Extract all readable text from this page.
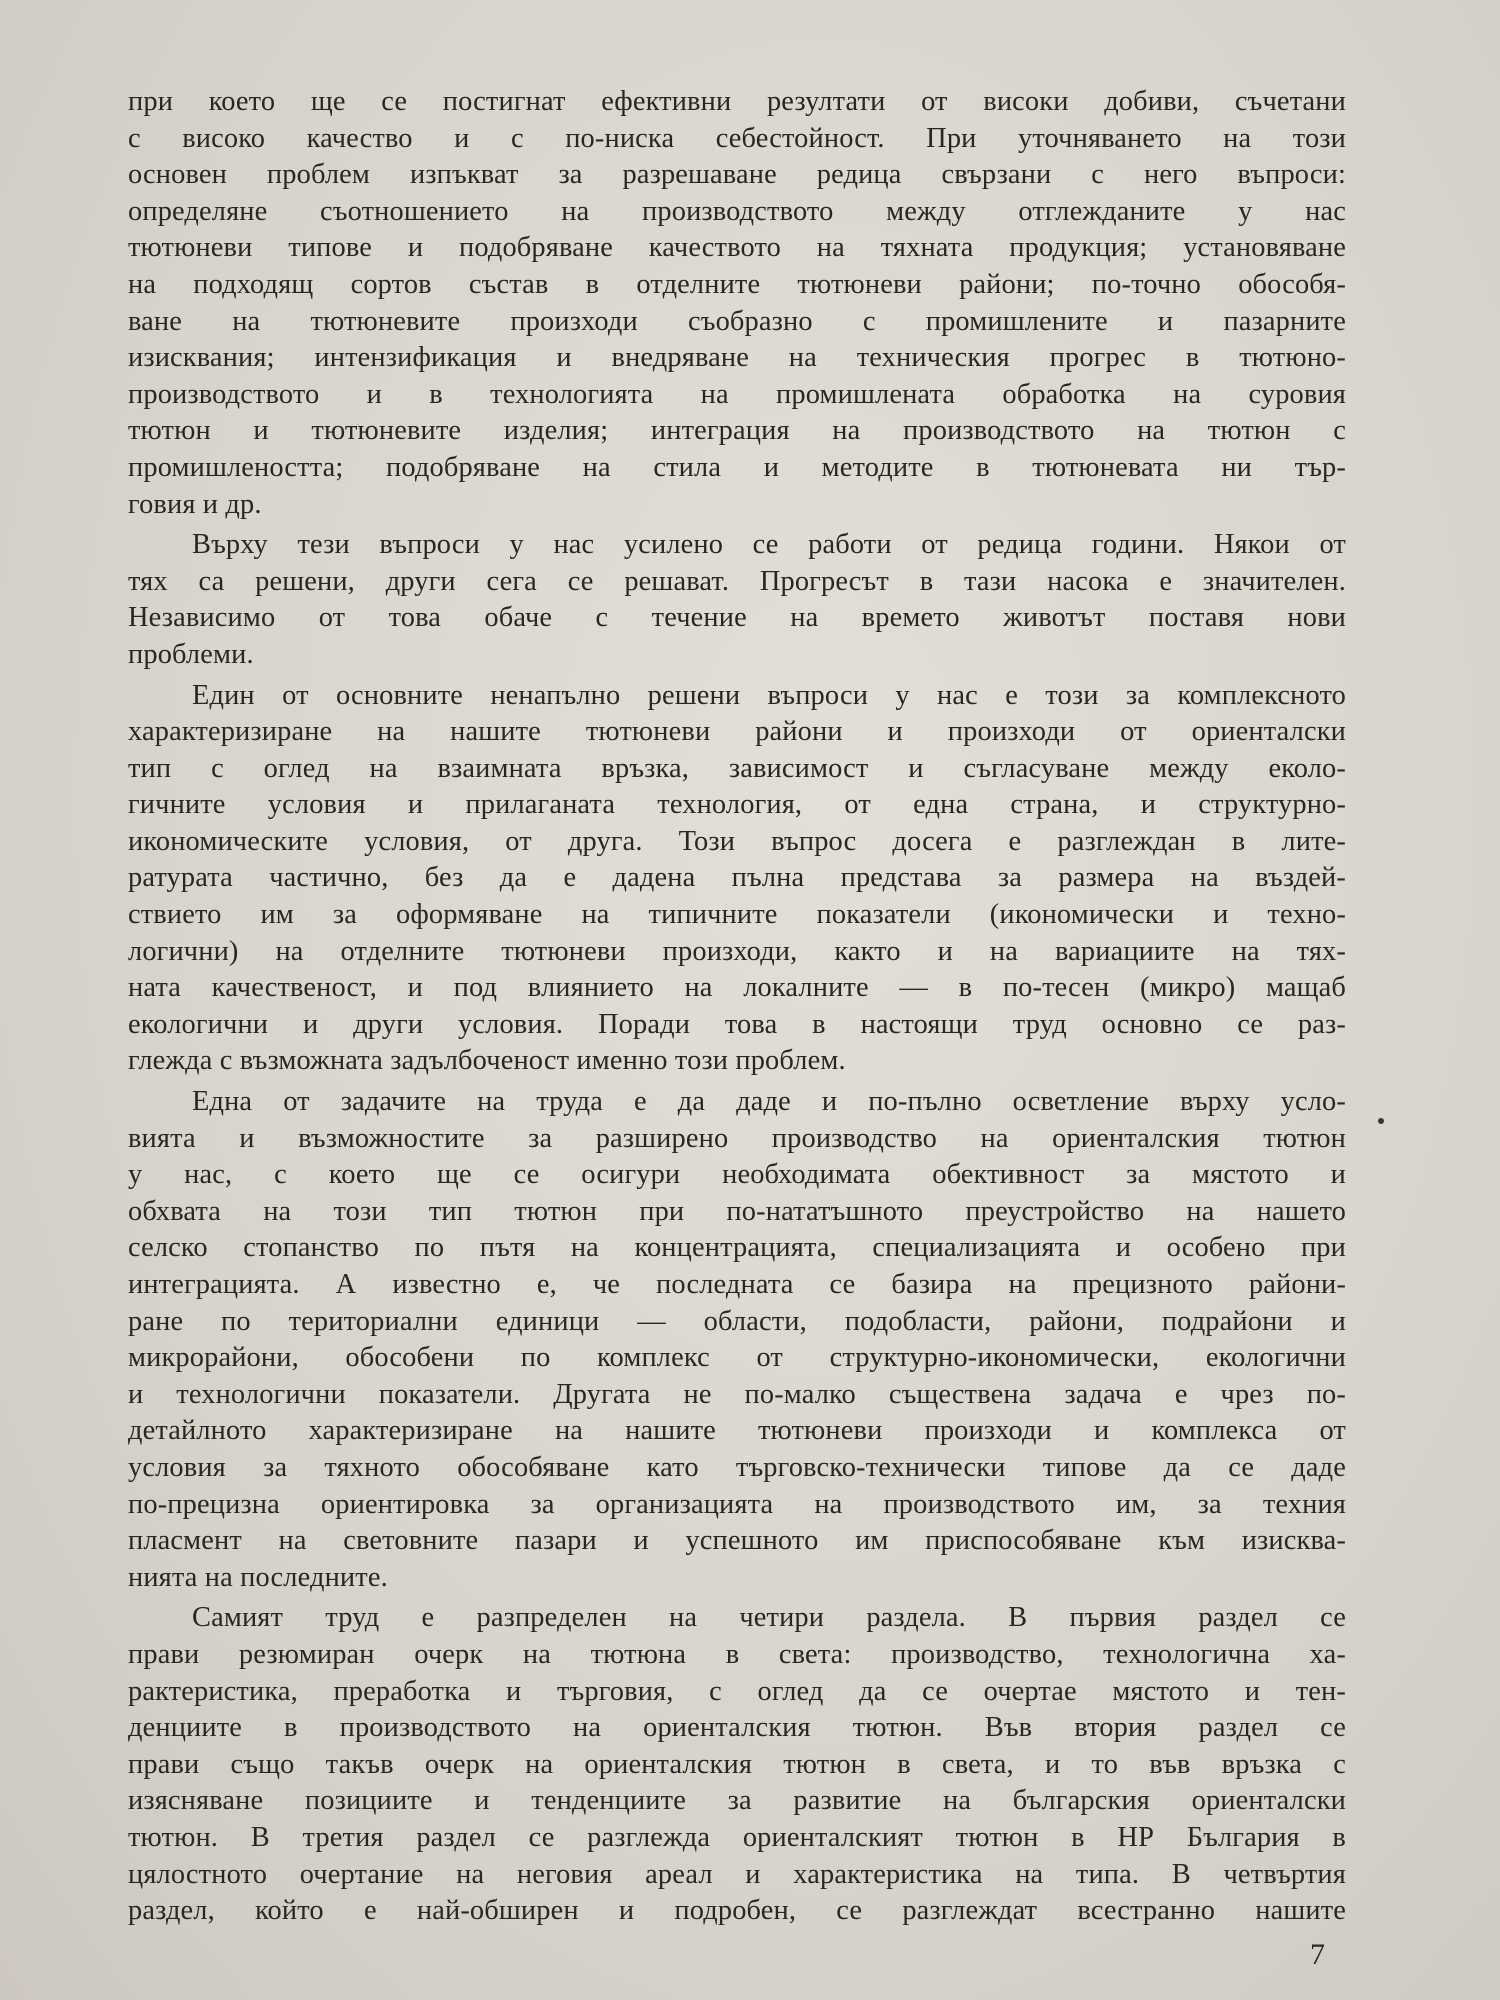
при което ще се постигнат ефективни резултати от високи добиви, съчетани
с високо качество и с по-ниска себестойност. При уточняването на този
основен проблем изпъкват за разрешаване редица свързани с него въпроси:
определяне съотношението на производството между отглежданите у нас
тютюневи типове и подобряване качеството на тяхната продукция; установяване
на подходящ сортов състав в отделните тютюневи райони; по-точно обособя-
ване на тютюневите произходи съобразно с промишлените и пазарните
изисквания; интензификация и внедряване на техническия прогрес в тютюно-
производството и в технологията на промишлената обработка на суровия
тютюн и тютюневите изделия; интеграция на производството на тютюн с
промишлеността; подобряване на стила и методите в тютюневата ни тър-
говия и др.
Върху тези въпроси у нас усилено се работи от редица години. Някои от
тях са решени, други сега се решават. Прогресът в тази насока е значителен.
Независимо от това обаче с течение на времето животът поставя нови
проблеми.
Един от основните ненапълно решени въпроси у нас е този за комплексното
характеризиране на нашите тютюневи райони и произходи от ориенталски
тип с оглед на взаимната връзка, зависимост и съгласуване между еколо-
гичните условия и прилаганата технология, от една страна, и структурно-
икономическите условия, от друга. Този въпрос досега е разглеждан в лите-
ратурата частично, без да е дадена пълна представа за размера на въздей-
ствието им за оформяване на типичните показатели (икономически и техно-
логични) на отделните тютюневи произходи, както и на вариациите на тях-
ната качественост, и под влиянието на локалните — в по-тесен (микро) мащаб
екологични и други условия. Поради това в настоящи труд основно се раз-
глежда с възможната задълбоченост именно този проблем.
Една от задачите на труда е да даде и по-пълно осветление върху усло-
вията и възможностите за разширено производство на ориенталския тютюн
у нас, с което ще се осигури необходимата обективност за мястото и
обхвата на този тип тютюн при по-нататъшното преустройство на нашето
селско стопанство по пътя на концентрацията, специализацията и особено при
интеграцията. А известно е, че последната се базира на прецизното райони-
ране по териториални единици — области, подобласти, райони, подрайони и
микрорайони, обособени по комплекс от структурно-икономически, екологични
и технологични показатели. Другата не по-малко съществена задача е чрез по-
детайлното характеризиране на нашите тютюневи произходи и комплекса от
условия за тяхното обособяване като търговско-технически типове да се даде
по-прецизна ориентировка за организацията на производството им, за техния
пласмент на световните пазари и успешното им приспособяване към изисква-
нията на последните.
Самият труд е разпределен на четири раздела. В първия раздел се
прави резюмиран очерк на тютюна в света: производство, технологична ха-
рактеристика, преработка и търговия, с оглед да се очертае мястото и тен-
денциите в производството на ориенталския тютюн. Във втория раздел се
прави също такъв очерк на ориенталския тютюн в света, и то във връзка с
изясняване позициите и тенденциите за развитие на българския ориенталски
тютюн. В третия раздел се разглежда ориенталският тютюн в НР България в
цялостното очертание на неговия ареал и характеристика на типа. В четвъртия
раздел, който е най-обширен и подробен, се разглеждат всестранно нашите
7
